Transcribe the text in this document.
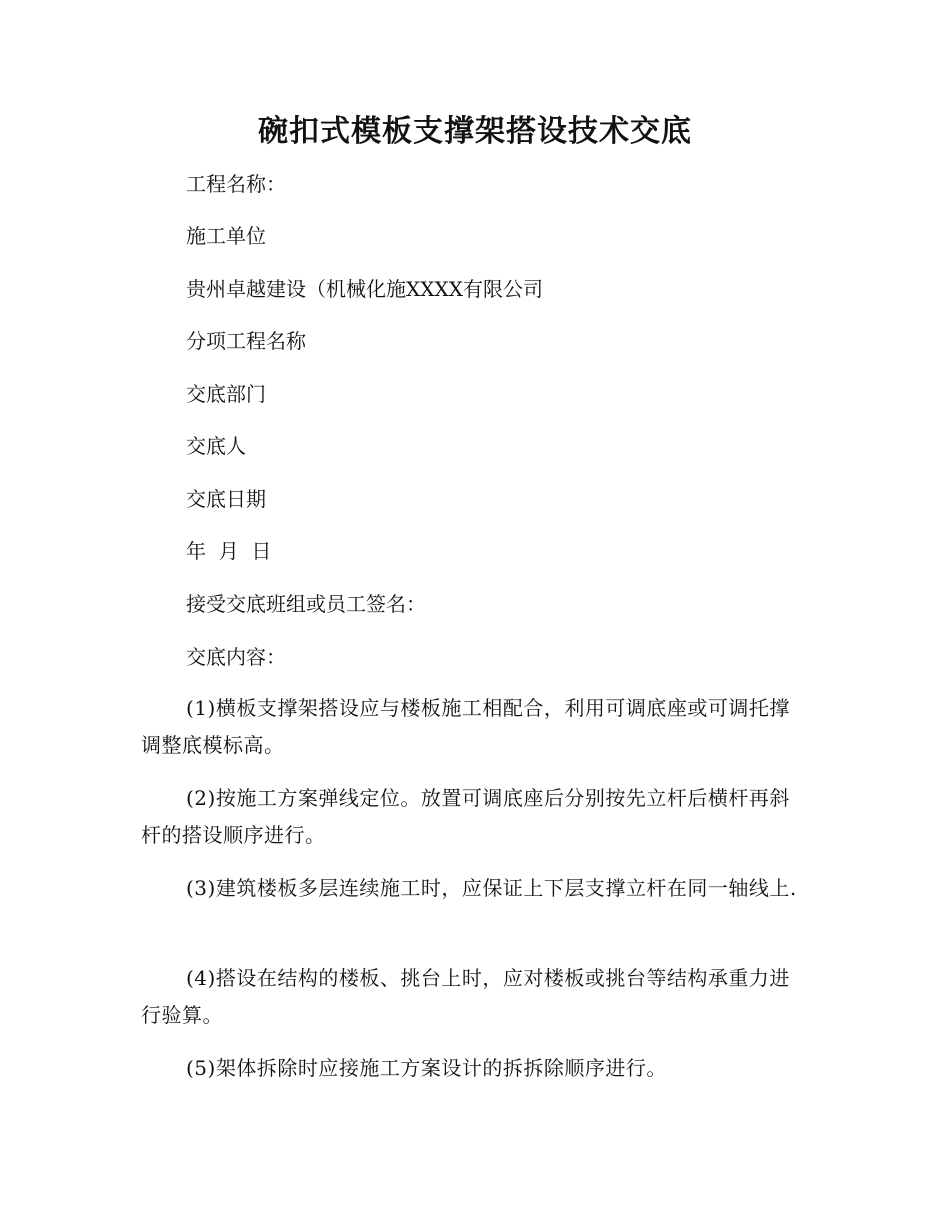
碗扣式模板支撑架搭设技术交底

工程名称：

施工单位

贵州卓越建设（机械化施XXXX有限公司

分项工程名称

交底部门

交底人

交底日期

年  月  日

接受交底班组或员工签名：

交底内容：

(1)横板支撑架搭设应与楼板施工相配合，利用可调底座或可调托撑调整底模标高。

(2)按施工方案弹线定位。放置可调底座后分别按先立杆后横杆再斜杆的搭设顺序进行。

(3)建筑楼板多层连续施工时，应保证上下层支撑立杆在同一轴线上.

(4)搭设在结构的楼板、挑台上时，应对楼板或挑台等结构承重力进行验算。

(5)架体拆除时应接施工方案设计的拆拆除顺序进行。
